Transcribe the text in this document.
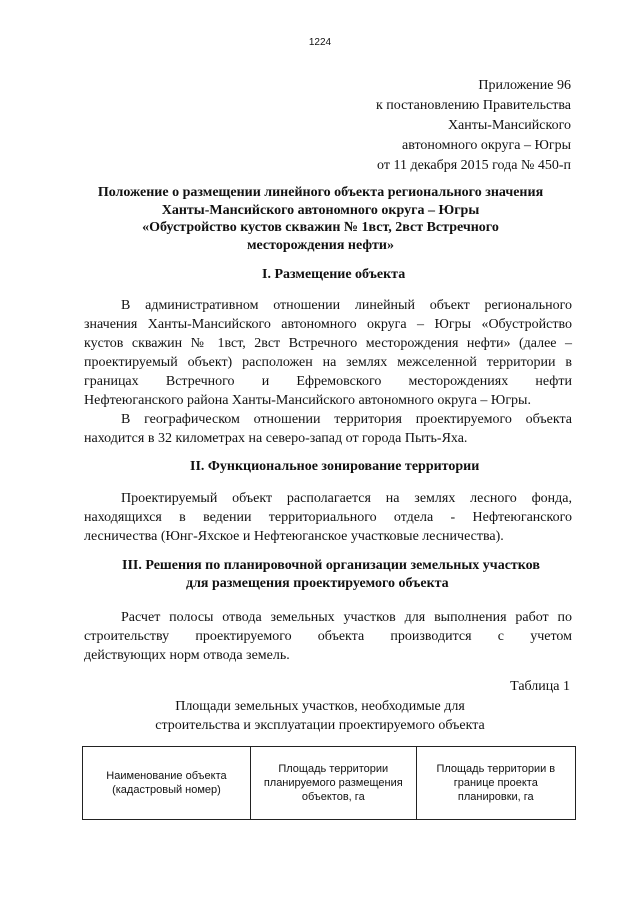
1224
Приложение 96
к постановлению Правительства
Ханты-Мансийского
автономного округа – Югры
от 11 декабря 2015 года № 450-п
Положение о размещении линейного объекта регионального значения
Ханты-Мансийского автономного округа – Югры
«Обустройство кустов скважин № 1вст, 2вст Встречного
месторождения нефти»
I. Размещение объекта

В административном отношении линейный объект регионального
значения Ханты-Мансийского автономного округа – Югры «Обустройство
кустов скважин № 1вст, 2вст Встречного месторождения нефти» (далее –
проектируемый объект) расположен на землях межселенной территории в
границах Встречного и Ефремовского месторождениях нефти
Нефтеюганского района Ханты-Мансийского автономного округа – Югры.
В географическом отношении территория проектируемого объекта
находится в 32 километрах на северо-запад от города Пыть-Яха.

II. Функциональное зонирование территории

Проектируемый объект располагается на землях лесного фонда,
находящихся в ведении территориального отдела - Нефтеюганского
лесничества (Юнг-Яхское и Нефтеюганское участковые лесничества).

III. Решения по планировочной организации земельных участков
для размещения проектируемого объекта

Расчет полосы отвода земельных участков для выполнения работ по
строительству проектируемого объекта производится с учетом
действующих норм отвода земель.

Таблица 1
Площади земельных участков, необходимые для
строительства и эксплуатации проектируемого объекта
Наименование объекта
(кадастровый номер)

Площадь территории
планируемого размещения
объектов, га

Площадь территории в
границе проекта
планировки, га
